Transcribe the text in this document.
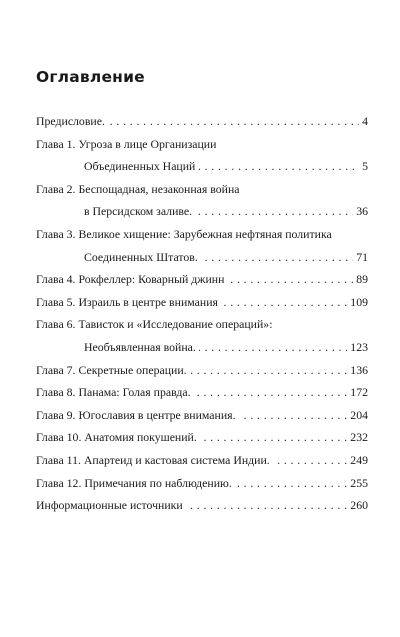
Оглавление
. . .
Предисловие.	4
Глава 1. Угроза в лице Организации
. . .
Объединенных Наций	5
Глава 2. Беспощадная, незаконная война
. . .
в Персидском заливе.	36
Глава 3. Великое хищение: Зарубежная нефтяная политика
. . .
Соединенных Штатов.	71
. . .
Глава 4. Рокфеллер: Коварный джинн	89
. . .
Глава 5. Израиль в центре внимания	109
Глава 6. Тависток и «Исследование операций»:
. . .
Необъявленная война.	123
. . .
Глава 7. Секретные операции.	136
. . .
Глава 8. Панама: Голая правда.	172
. . .
Глава 9. Югославия в центре внимания.	204
. . .
Глава 10. Анатомия покушений.	232
. . .
Глава 11. Апартеид и кастовая система Индии.	249
. . .
Глава 12. Примечания по наблюдению.	255
. . .
Информационные источники	260
